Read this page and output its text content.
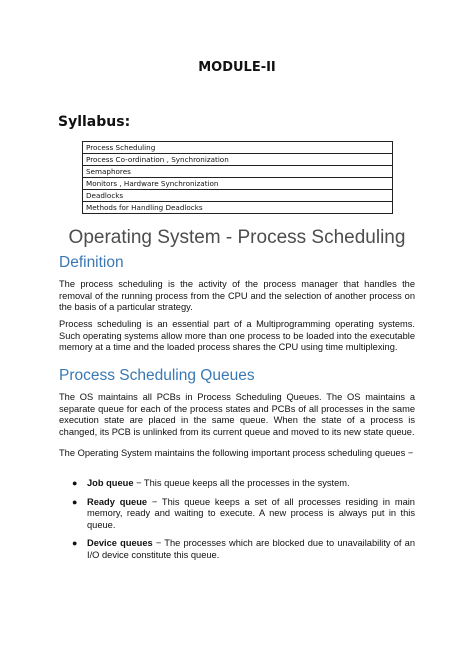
MODULE-II
Syllabus:
Process Scheduling
Process Co-ordination , Synchronization
Semaphores
Monitors , Hardware Synchronization
Deadlocks
Methods for Handling Deadlocks
Operating System - Process Scheduling
Definition

The process scheduling is the activity of the process manager that handles the removal of the running process from the CPU and the selection of another process on the basis of a particular strategy.

Process scheduling is an essential part of a Multiprogramming operating systems. Such operating systems allow more than one process to be loaded into the executable memory at a time and the loaded process shares the CPU using time multiplexing.

Process Scheduling Queues

The OS maintains all PCBs in Process Scheduling Queues. The OS maintains a separate queue for each of the process states and PCBs of all processes in the same execution state are placed in the same queue. When the state of a process is changed, its PCB is unlinked from its current queue and moved to its new state queue.

The Operating System maintains the following important process scheduling queues −

● Job queue − This queue keeps all the processes in the system.
● Ready queue − This queue keeps a set of all processes residing in main memory, ready and waiting to execute. A new process is always put in this queue.
● Device queues − The processes which are blocked due to unavailability of an I/O device constitute this queue.
